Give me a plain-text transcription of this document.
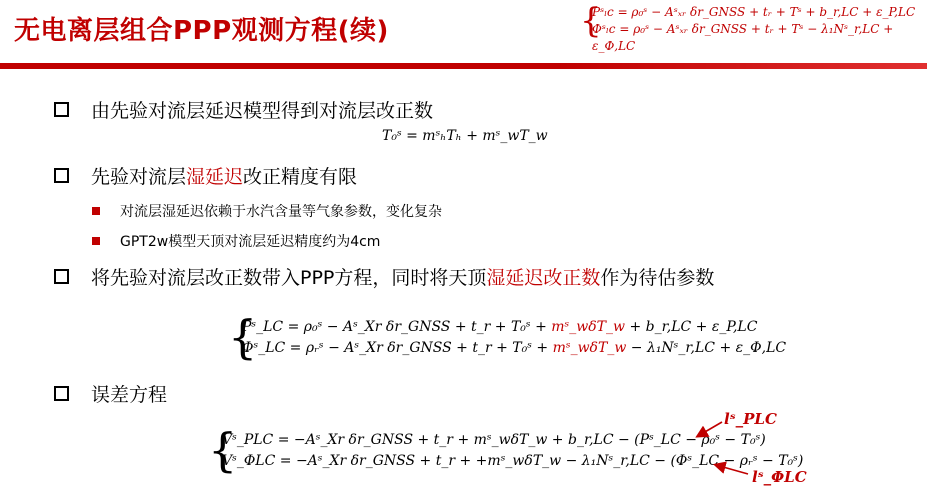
无电离层组合PPP观测方程(续)	{
Pˢₗc = ρ₀ˢ − Aˢₓᵣ δr_GNSS + tᵣ + Tˢ + b_r,LC + ε_P,LC
Φˢₗc = ρ₀ˢ − Aˢₓᵣ δr_GNSS + tᵣ + Tˢ − λ₁Nˢ_r,LC + ε_Φ,LC
由先验对流层延迟模型得到对流层改正数
T₀ˢ = mˢₕTₕ + mˢ_wT_w
先验对流层 湿延迟 改正精度有限
对流层湿延迟依赖于水汽含量等气象参数，变化复杂
GPT2w模型天顶对流层延迟精度约为4cm
将先验对流层改正数带入PPP方程，同时将天顶 湿延迟改正数 作为待估参数
{
Pˢ_LC = ρ₀ˢ − Aˢ_Xr δr_GNSS + t_r + T₀ˢ + mˢ_wδT_w + b_r,LC + ε_P,LC
Φˢ_LC = ρᵣˢ − Aˢ_Xr δr_GNSS + t_r + T₀ˢ + mˢ_wδT_w − λ₁Nˢ_r,LC + ε_Φ,LC
误差方程
{
Vˢ_PLC = −Aˢ_Xr δr_GNSS + t_r + mˢ_wδT_w + b_r,LC − (Pˢ_LC − ρ₀ˢ − T₀ˢ)
Vˢ_ΦLC = −Aˢ_Xr δr_GNSS + t_r + +mˢ_wδT_w − λ₁Nˢ_r,LC − (Φˢ_LC − ρᵣˢ − T₀ˢ)
lˢ_PLC
lˢ_ΦLC
